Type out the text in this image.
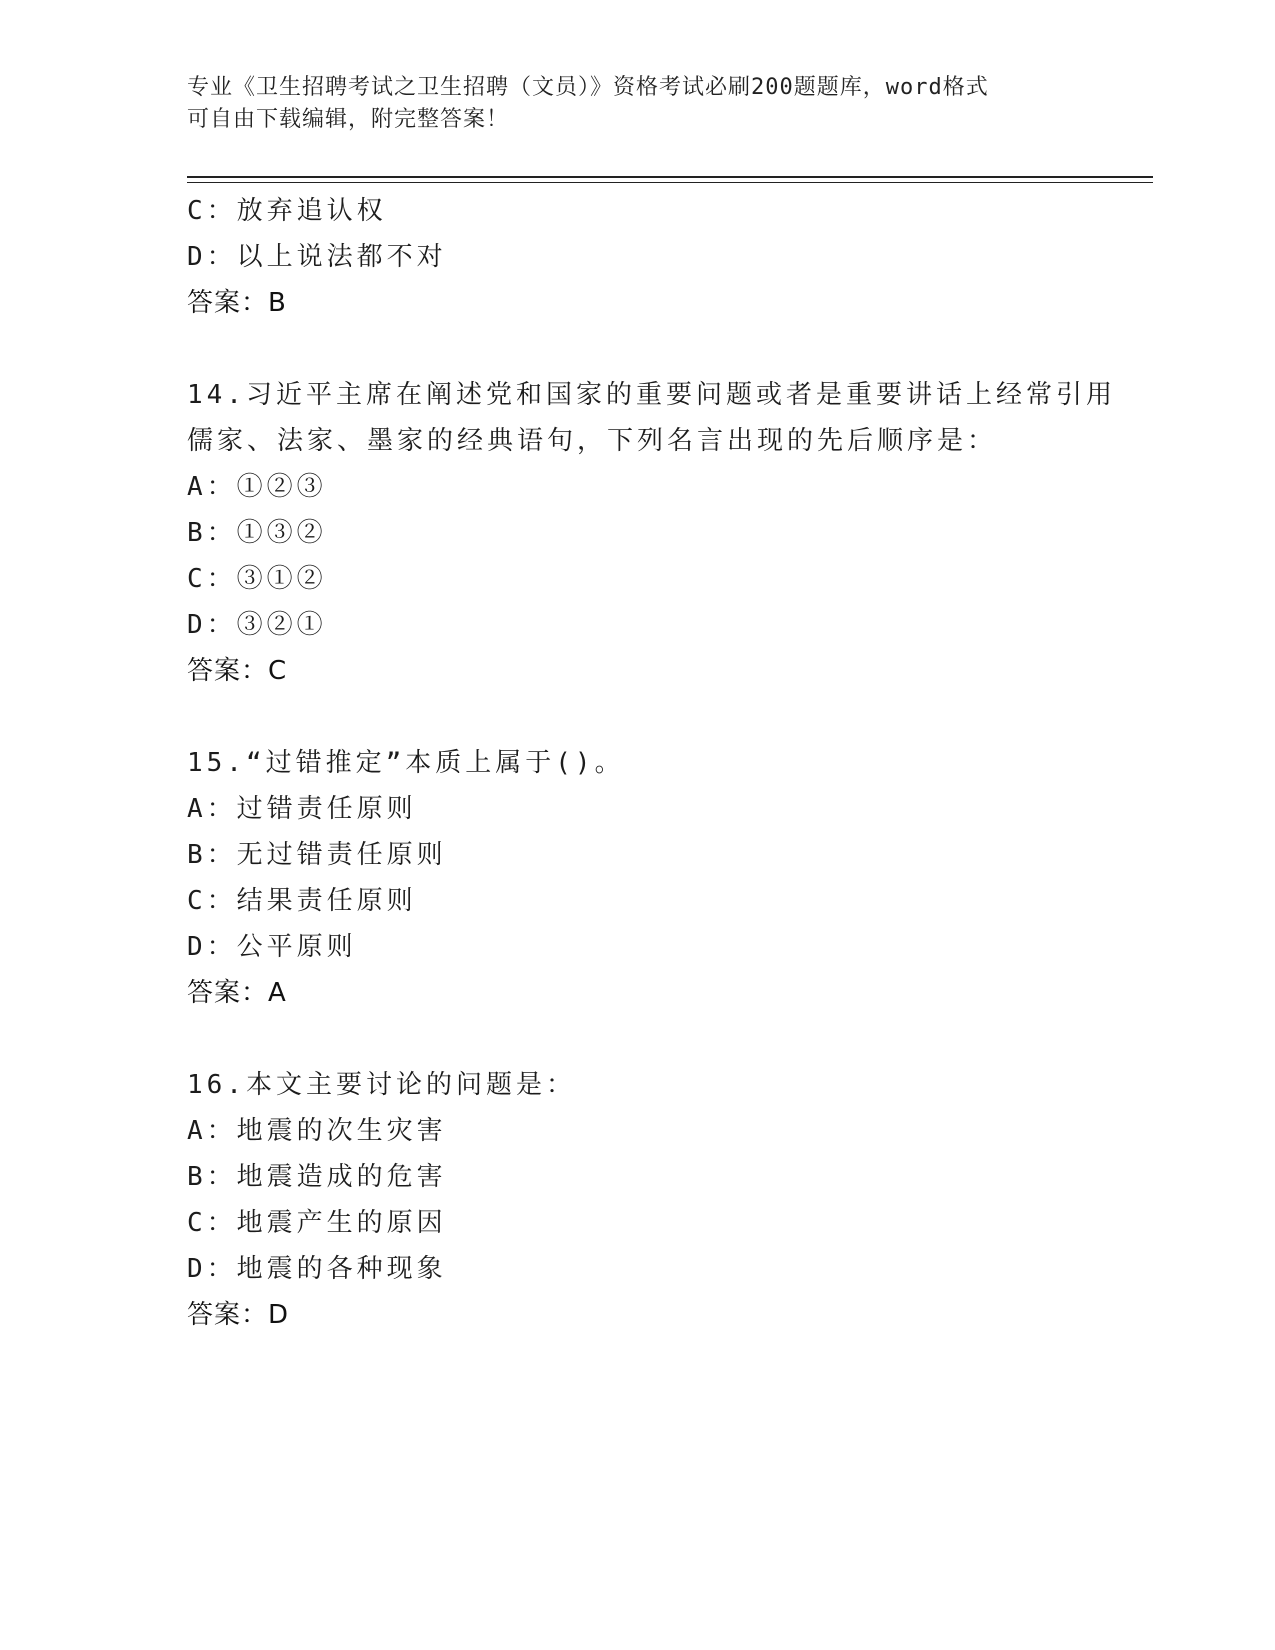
专业《卫生招聘考试之卫生招聘（文员）》资格考试必刷200题题库，word格式
可自由下载编辑，附完整答案！
C：放弃追认权
D：以上说法都不对
答案：B
14.习近平主席在阐述党和国家的重要问题或者是重要讲话上经常引用
儒家、法家、墨家的经典语句，下列名言出现的先后顺序是：
A：①②③
B：①③②
C：③①②
D：③②①
答案：C
15.“过错推定”本质上属于()。
A：过错责任原则
B：无过错责任原则
C：结果责任原则
D：公平原则
答案：A
16.本文主要讨论的问题是：
A：地震的次生灾害
B：地震造成的危害
C：地震产生的原因
D：地震的各种现象
答案：D
